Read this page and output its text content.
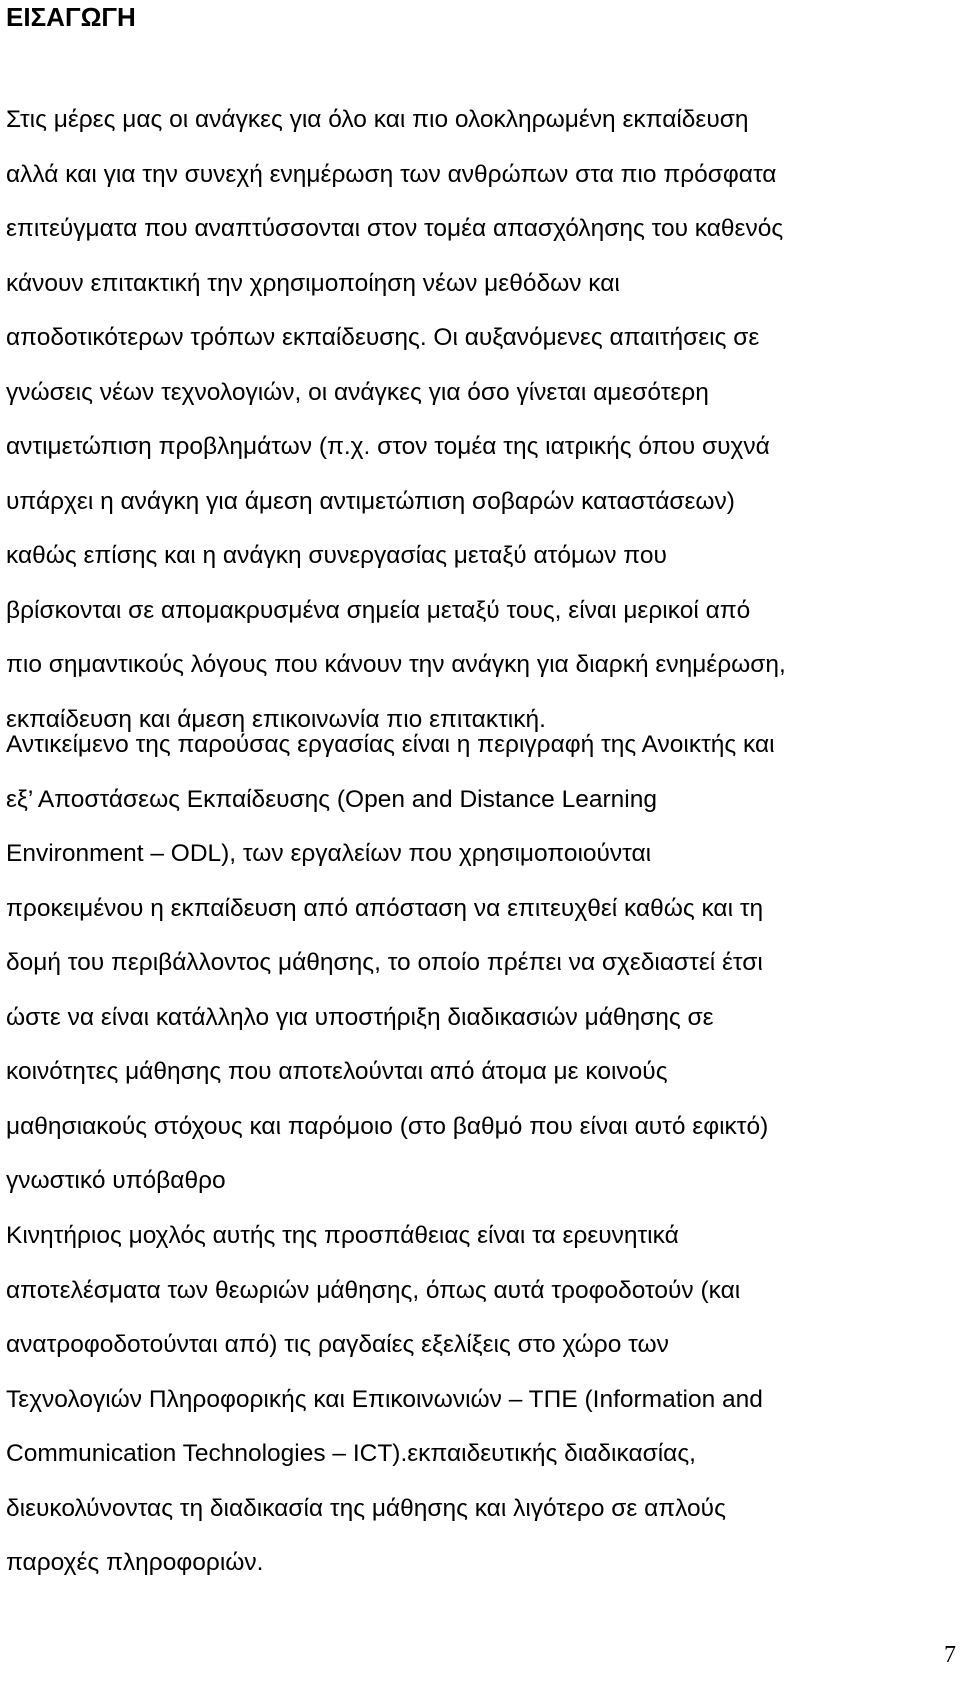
ΕΙΣΑΓΩΓΗ
Στις μέρες μας οι ανάγκες για όλο και πιο ολοκληρωμένη εκπαίδευση
αλλά και για την συνεχή ενημέρωση των ανθρώπων στα πιο πρόσφατα
επιτεύγματα που αναπτύσσονται στον τομέα απασχόλησης του καθενός
κάνουν επιτακτική την χρησιμοποίηση νέων μεθόδων και
αποδοτικότερων τρόπων εκπαίδευσης. Οι αυξανόμενες απαιτήσεις σε
γνώσεις νέων τεχνολογιών, οι ανάγκες για όσο γίνεται αμεσότερη
αντιμετώπιση προβλημάτων (π.χ. στον τομέα της ιατρικής όπου συχνά
υπάρχει η ανάγκη για άμεση αντιμετώπιση σοβαρών καταστάσεων)
καθώς επίσης και η ανάγκη συνεργασίας μεταξύ ατόμων που
βρίσκονται σε απομακρυσμένα σημεία μεταξύ τους, είναι μερικοί από
πιο σημαντικούς λόγους που κάνουν την ανάγκη για διαρκή ενημέρωση,
εκπαίδευση και άμεση επικοινωνία πιο επιτακτική.
Αντικείμενο της παρούσας εργασίας είναι η περιγραφή της Ανοικτής και
εξ’ Αποστάσεως Εκπαίδευσης (Open and Distance Learning
Environment – ODL), των εργαλείων που χρησιμοποιούνται
προκειμένου η εκπαίδευση από απόσταση να επιτευχθεί καθώς και τη
δομή του περιβάλλοντος μάθησης, το οποίο πρέπει να σχεδιαστεί έτσι
ώστε να είναι κατάλληλο για υποστήριξη διαδικασιών μάθησης σε
κοινότητες μάθησης που αποτελούνται από άτομα με κοινούς
μαθησιακούς στόχους και παρόμοιο (στο βαθμό που είναι αυτό εφικτό)
γνωστικό υπόβαθρο
Κινητήριος μοχλός αυτής της προσπάθειας είναι τα ερευνητικά
αποτελέσματα των θεωριών μάθησης, όπως αυτά τροφοδοτούν (και
ανατροφοδοτούνται από) τις ραγδαίες εξελίξεις στο χώρο των
Τεχνολογιών Πληροφορικής και Επικοινωνιών – ΤΠΕ (Information and
Communication Technologies – ICT).εκπαιδευτικής διαδικασίας,
διευκολύνοντας τη διαδικασία της μάθησης και λιγότερο σε απλούς
παροχές πληροφοριών.
7
